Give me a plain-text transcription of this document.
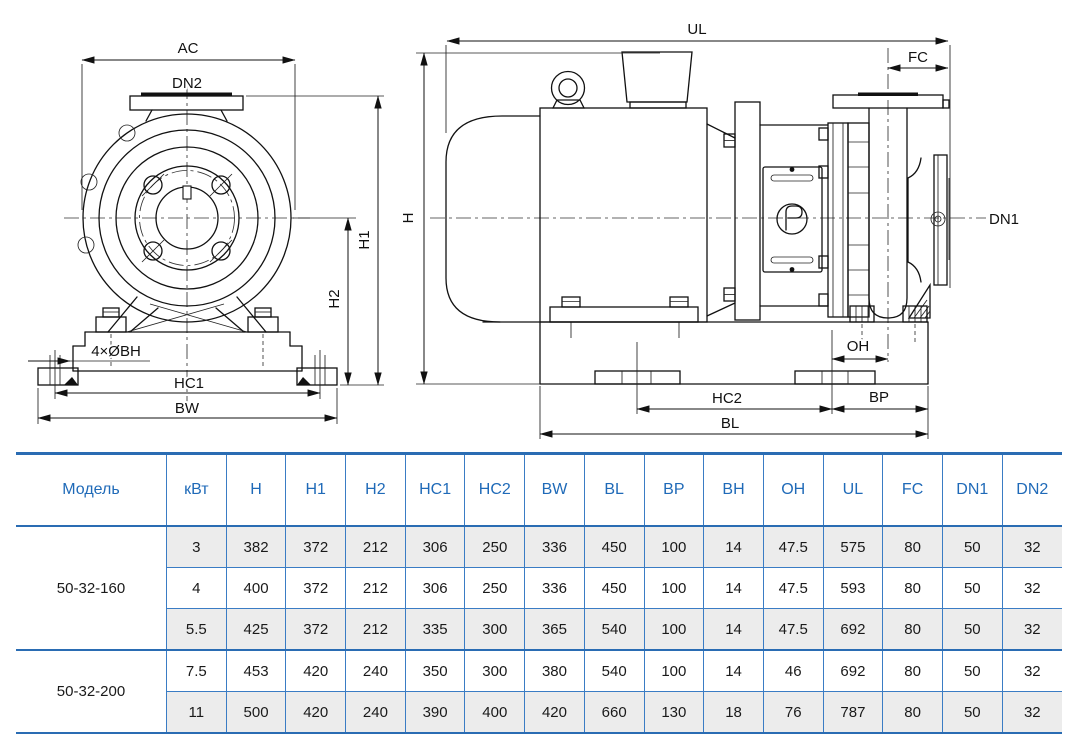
AC
DN2
H1
H2
4×ØBH
HC1
BW
UL
FC
H	DN1
OH
HC2	BP
BL
Модель	кВт	H	H1	H2	HC1	HC2	BW	BL	BP	BH	OH	UL	FC	DN1	DN2
50-32-160	3	382	372	212	306	250	336	450	100	14	47.5	575	80	50	32
	4	400	372	212	306	250	336	450	100	14	47.5	593	80	50	32
	5.5	425	372	212	335	300	365	540	100	14	47.5	692	80	50	32
50-32-200	7.5	453	420	240	350	300	380	540	100	14	46	692	80	50	32
	11	500	420	240	390	400	420	660	130	18	76	787	80	50	32
